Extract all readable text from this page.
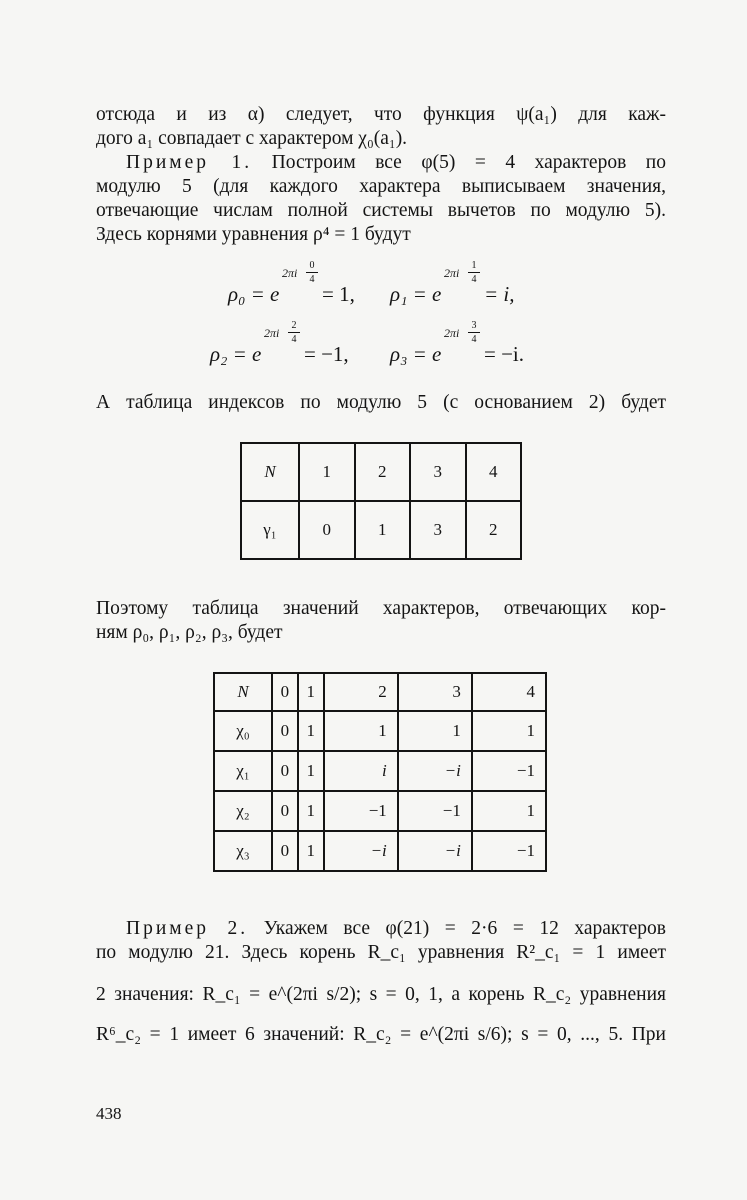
отсюда и из α) следует, что функция ψ(a₁) для каж-
дого a₁ совпадает с характером χ₀(a₁).
Пример 1. Построим все φ(5) = 4 характеров по
модулю 5 (для каждого характера выписываем значения,
отвечающие числам полной системы вычетов по модулю 5).
Здесь корнями уравнения ρ⁴ = 1 будут
ρ₀ = e
2πi
0
4
= 1, ρ₁ = e
2πi
1
4
= i,
ρ₂ = e
2πi
2
4
= −1, ρ₃ = e
2πi
3
4
= −i.
А таблица индексов по модулю 5 (с основанием 2) будет
N	1	2	3	4
γ₁	0	1	3	2
Поэтому таблица значений характеров, отвечающих кор-
ням ρ₀, ρ₁, ρ₂, ρ₃, будет
N	0	1	2	3	4
χ₀	0	1	1	1	1
χ₁	0	1	i	−i	−1
χ₂	0	1	−1	−1	1
χ₃	0	1	−i	−i	−1
Пример 2. Укажем все φ(21) = 2·6 = 12 характеров
по модулю 21. Здесь корень R_c₁ уравнения R²_c₁ = 1 имеет
2 значения: R_c₁ = e^(2πi s/2); s = 0, 1, а корень R_c₂ уравнения
R⁶_c₂ = 1 имеет 6 значений: R_c₂ = e^(2πi s/6); s = 0, ..., 5. При
438
